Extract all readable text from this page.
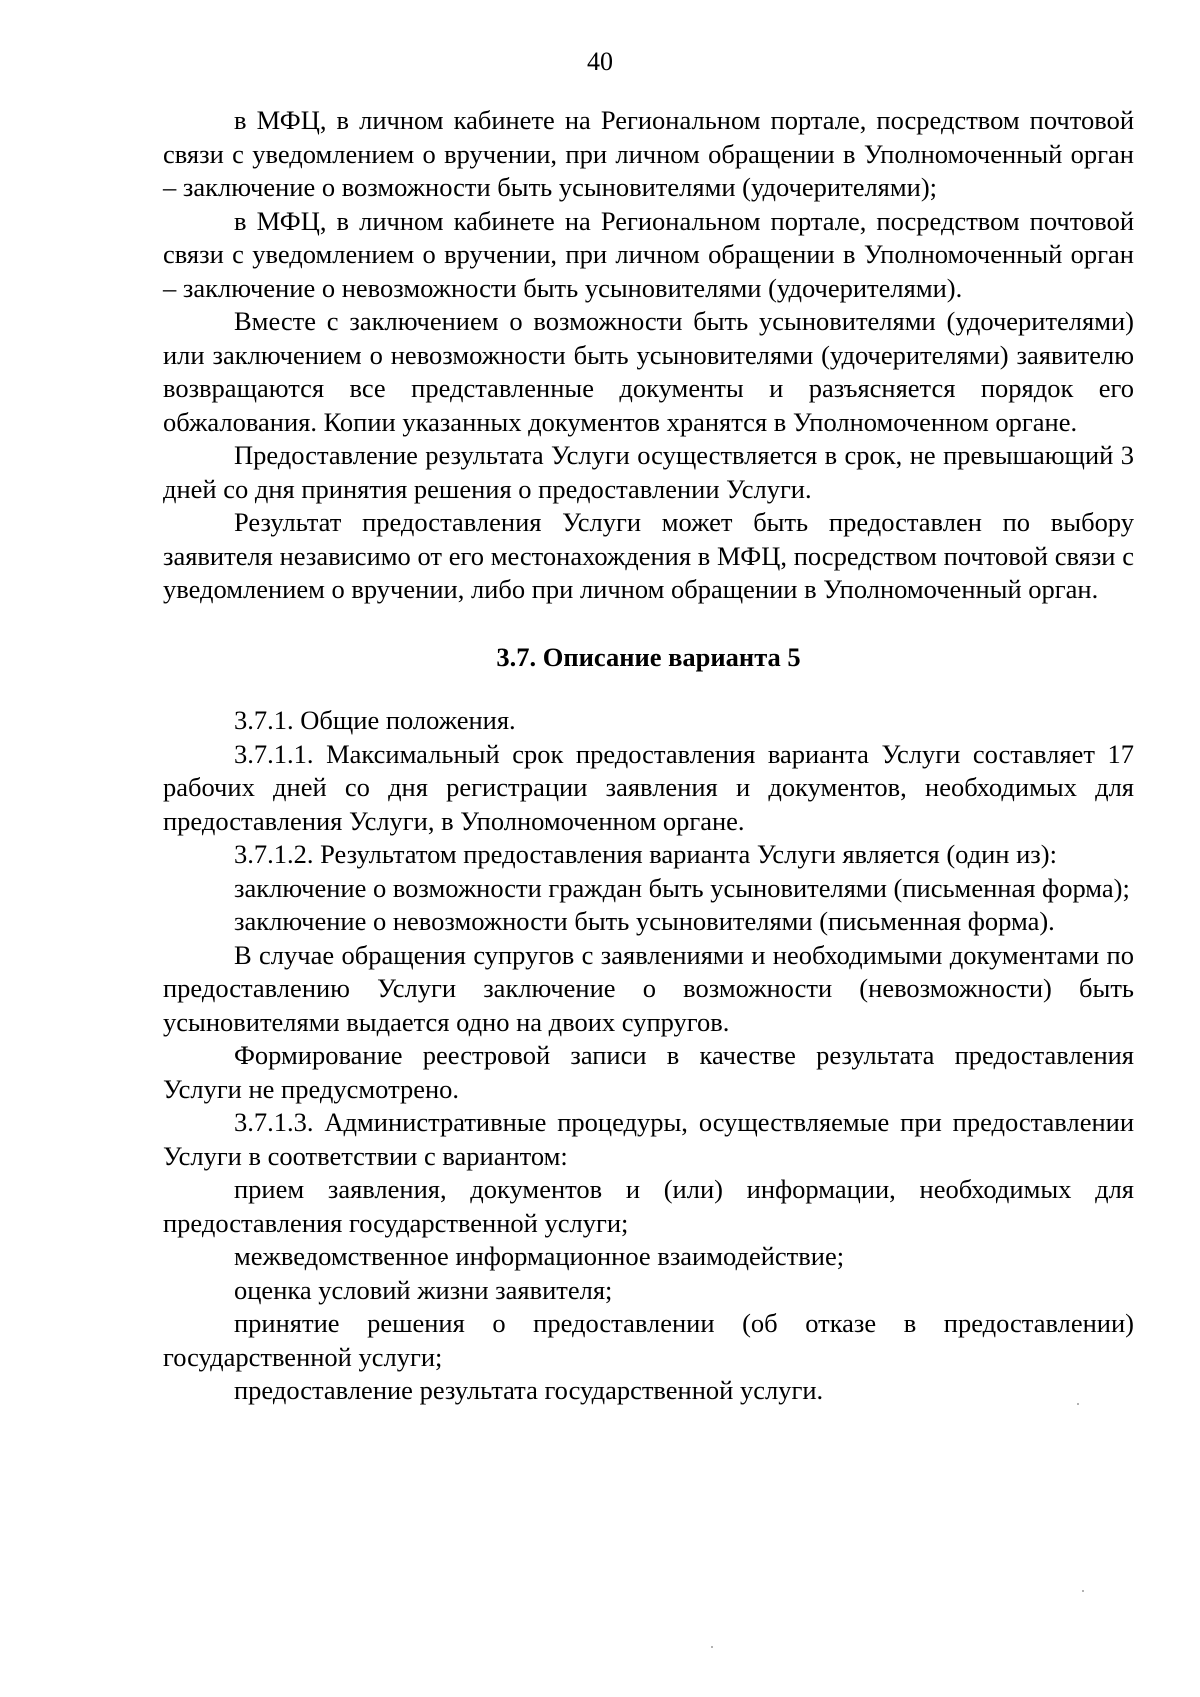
40

в МФЦ, в личном кабинете на Региональном портале, посредством почтовой связи с уведомлением о вручении, при личном обращении в Уполномоченный орган – заключение о возможности быть усыновителями (удочерителями);

в МФЦ, в личном кабинете на Региональном портале, посредством почтовой связи с уведомлением о вручении, при личном обращении в Уполномоченный орган – заключение о невозможности быть усыновителями (удочерителями).

Вместе с заключением о возможности быть усыновителями (удочерителями) или заключением о невозможности быть усыновителями (удочерителями) заявителю возвращаются все представленные документы и разъясняется порядок его обжалования. Копии указанных документов хранятся в Уполномоченном органе.

Предоставление результата Услуги осуществляется в срок, не превышающий 3 дней со дня принятия решения о предоставлении Услуги.

Результат предоставления Услуги может быть предоставлен по выбору заявителя независимо от его местонахождения в МФЦ, посредством почтовой связи с уведомлением о вручении, либо при личном обращении в Уполномоченный орган.

3.7. Описание варианта 5

3.7.1. Общие положения.

3.7.1.1. Максимальный срок предоставления варианта Услуги составляет 17 рабочих дней со дня регистрации заявления и документов, необходимых для предоставления Услуги, в Уполномоченном органе.

3.7.1.2. Результатом предоставления варианта Услуги является (один из):

заключение о возможности граждан быть усыновителями (письменная форма);

заключение о невозможности быть усыновителями (письменная форма).

В случае обращения супругов с заявлениями и необходимыми документами по предоставлению Услуги заключение о возможности (невозможности) быть усыновителями выдается одно на двоих супругов.

Формирование реестровой записи в качестве результата предоставления Услуги не предусмотрено.

3.7.1.3. Административные процедуры, осуществляемые при предоставлении Услуги в соответствии с вариантом:

прием заявления, документов и (или) информации, необходимых для предоставления государственной услуги;

межведомственное информационное взаимодействие;

оценка условий жизни заявителя;

принятие решения о предоставлении (об отказе в предоставлении) государственной услуги;

предоставление результата государственной услуги.
